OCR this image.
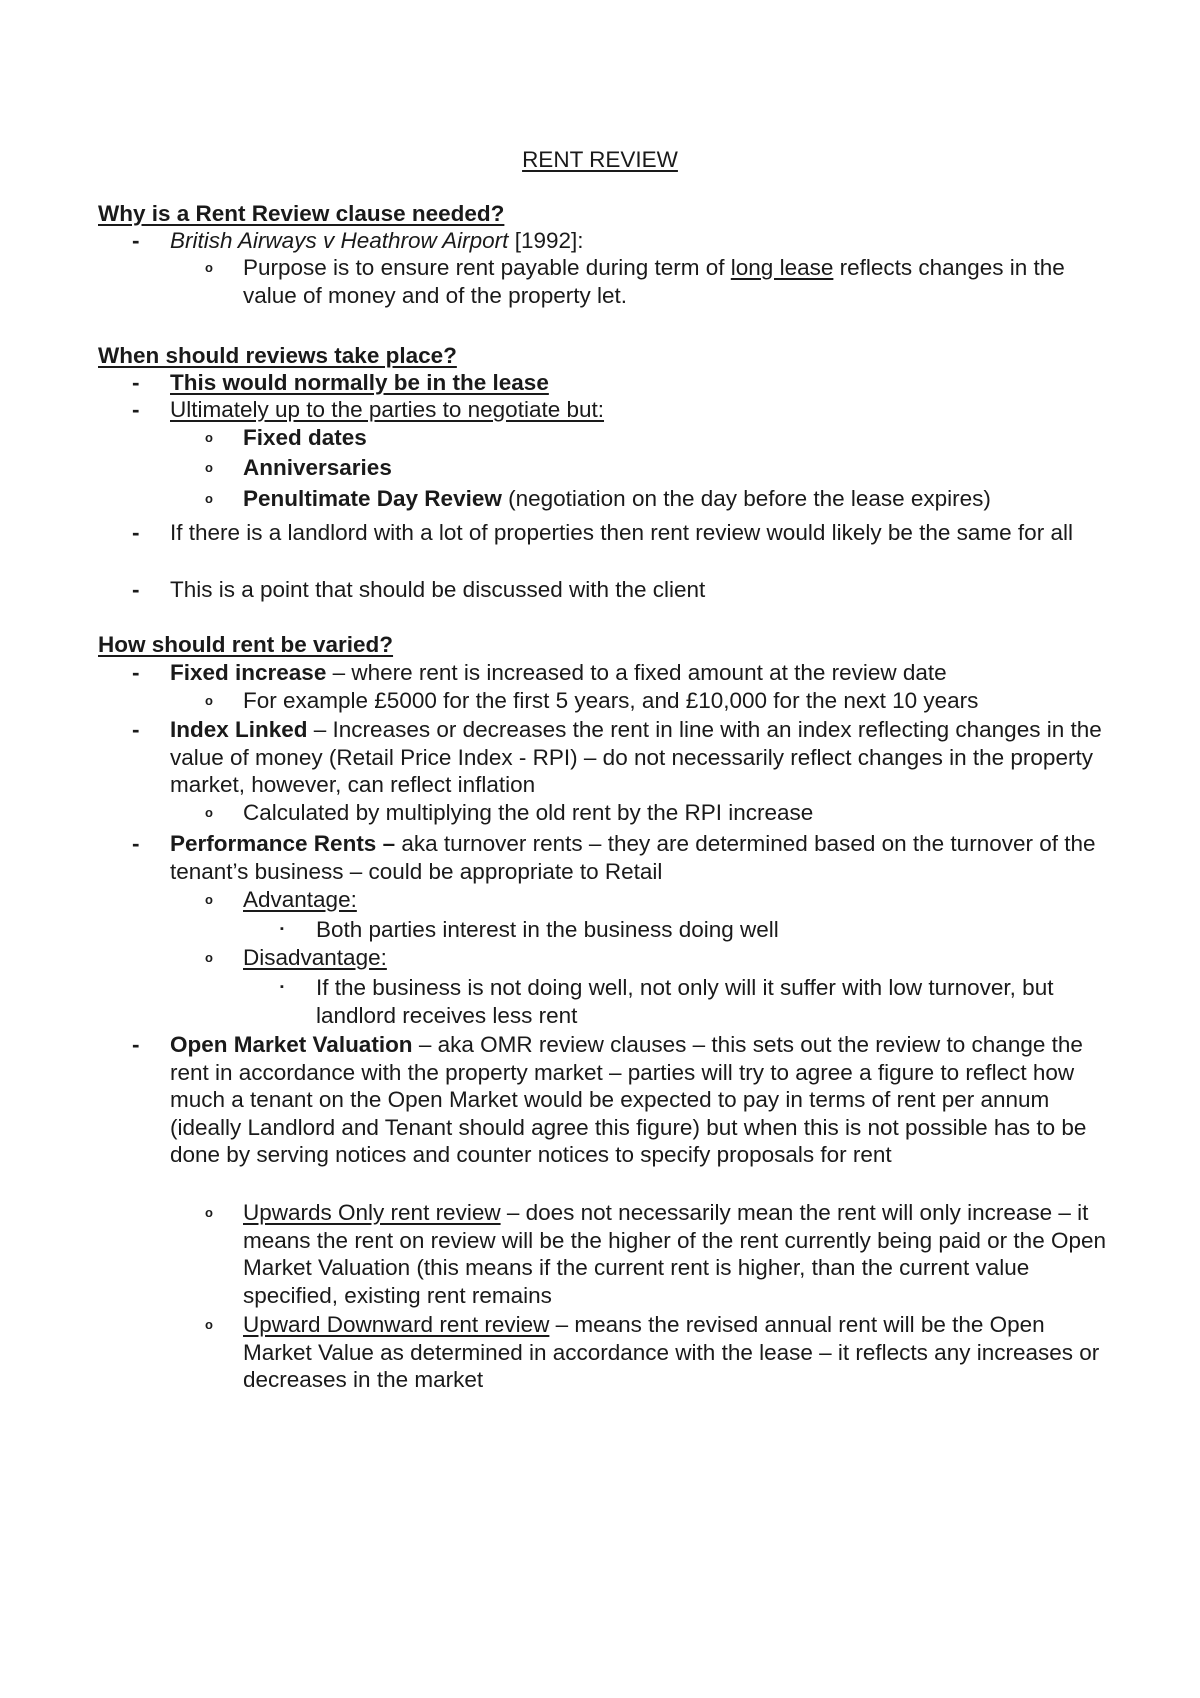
RENT REVIEW
Why is a Rent Review clause needed?
-	British Airways v Heathrow Airport [1992]:
o	Purpose is to ensure rent payable during term of long lease reflects changes in the value of money and of the property let.
When should reviews take place?
-	This would normally be in the lease
-	Ultimately up to the parties to negotiate but:
o	Fixed dates
o	Anniversaries
o	Penultimate Day Review (negotiation on the day before the lease expires)
-	If there is a landlord with a lot of properties then rent review would likely be the same for all
-	This is a point that should be discussed with the client
How should rent be varied?
-	Fixed increase – where rent is increased to a fixed amount at the review date
o	For example £5000 for the first 5 years, and £10,000 for the next 10 years
-	Index Linked – Increases or decreases the rent in line with an index reflecting changes in the value of money (Retail Price Index - RPI) – do not necessarily reflect changes in the property market, however, can reflect inflation
o	Calculated by multiplying the old rent by the RPI increase
-	Performance Rents – aka turnover rents – they are determined based on the turnover of the tenant’s business – could be appropriate to Retail
o	Advantage:
▪	Both parties interest in the business doing well
o	Disadvantage:
▪	If the business is not doing well, not only will it suffer with low turnover, but landlord receives less rent
-	Open Market Valuation – aka OMR review clauses – this sets out the review to change the rent in accordance with the property market – parties will try to agree a figure to reflect how much a tenant on the Open Market would be expected to pay in terms of rent per annum (ideally Landlord and Tenant should agree this figure) but when this is not possible has to be done by serving notices and counter notices to specify proposals for rent
o	Upwards Only rent review – does not necessarily mean the rent will only increase – it means the rent on review will be the higher of the rent currently being paid or the Open Market Valuation (this means if the current rent is higher, than the current value specified, existing rent remains
o	Upward Downward rent review – means the revised annual rent will be the Open Market Value as determined in accordance with the lease – it reflects any increases or decreases in the market
